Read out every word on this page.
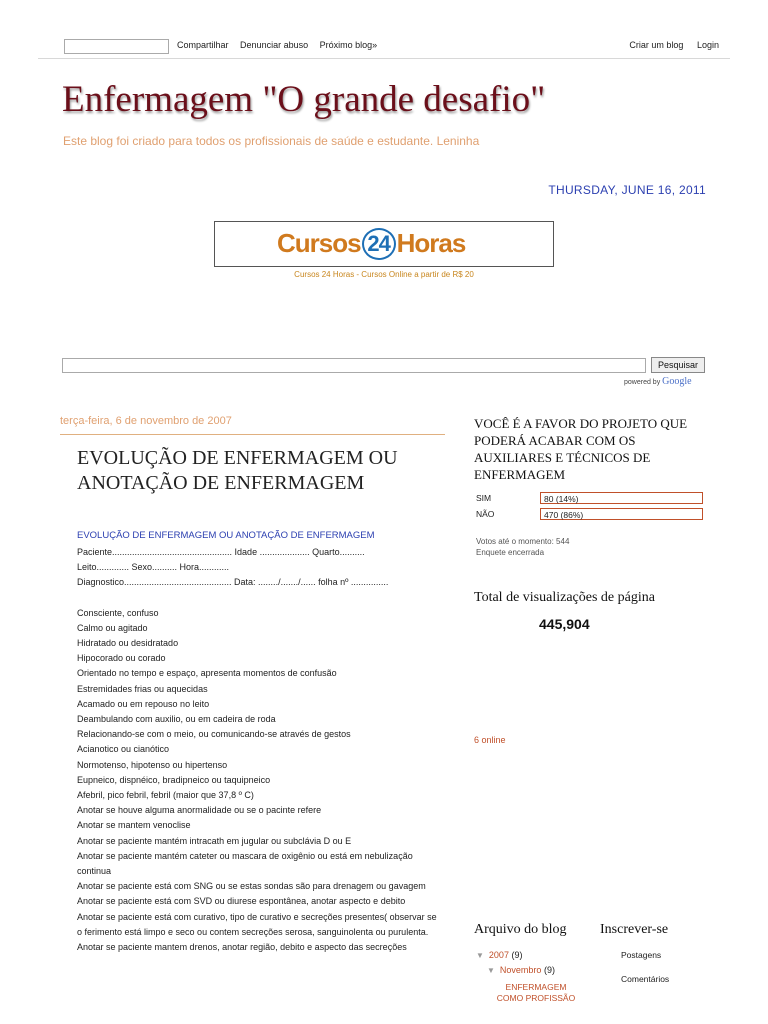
Compartilhar Denunciar abuso Próximo blog»	Criar um blog Login
Enfermagem "O grande desafio"
Este blog foi criado para todos os profissionais de saúde e estudante. Leninha
THURSDAY, JUNE 16, 2011
Cursos 24 Horas
Cursos 24 Horas - Cursos Online a partir de R$ 20
Pesquisar
powered by Google
terça-feira, 6 de novembro de 2007
EVOLUÇÃO DE ENFERMAGEM OU ANOTAÇÃO DE ENFERMAGEM
EVOLUÇÃO DE ENFERMAGEM OU ANOTAÇÃO DE ENFERMAGEM

Paciente................................................ Idade .................... Quarto..........

Leito............. Sexo.......... Hora............

Diagnostico........................................... Data: ......../......./...... folha nº ...............

Consciente, confuso

Calmo ou agitado

Hidratado ou desidratado

Hipocorado ou corado

Orientado no tempo e espaço, apresenta momentos de confusão

Estremidades frias ou aquecidas

Acamado ou em repouso no leito

Deambulando com auxilio, ou em cadeira de roda

Relacionando-se com o meio, ou comunicando-se através de gestos

Acianotico ou cianótico

Normotenso, hipotenso ou hipertenso

Eupneico, dispnéico, bradipneico ou taquipneico

Afebril, pico febril, febril (maior que 37,8 º C)

Anotar se houve alguma anormalidade ou se o pacinte refere

Anotar se mantem venoclise

Anotar se paciente mantém intracath em jugular ou subclávia D ou E

Anotar se paciente mantém cateter ou mascara de oxigênio ou está em nebulização continua

Anotar se paciente está com SNG ou se estas sondas são para drenagem ou gavagem

Anotar se paciente está com SVD ou diurese espontânea, anotar aspecto e debito

Anotar se paciente está com curativo, tipo de curativo e secreções presentes( observar se o ferimento está limpo e seco ou contem secreções serosa, sanguinolenta ou purulenta.

Anotar se paciente mantem drenos, anotar região, debito e aspecto das secreções

VOCÊ É A FAVOR DO PROJETO QUE PODERÁ ACABAR COM OS AUXILIARES E TÉCNICOS DE ENFERMAGEM
SIM	80 (14%)
NÃO	470 (86%)
Votos até o momento: 544
Enquete encerrada
Total de visualizações de página
445,904
6 online
Arquivo do blog Inscrever-se
▼ 2007 (9)
▼ Novembro (9)
ENFERMAGEM COMO PROFISSÃO
Postagens
Comentários
